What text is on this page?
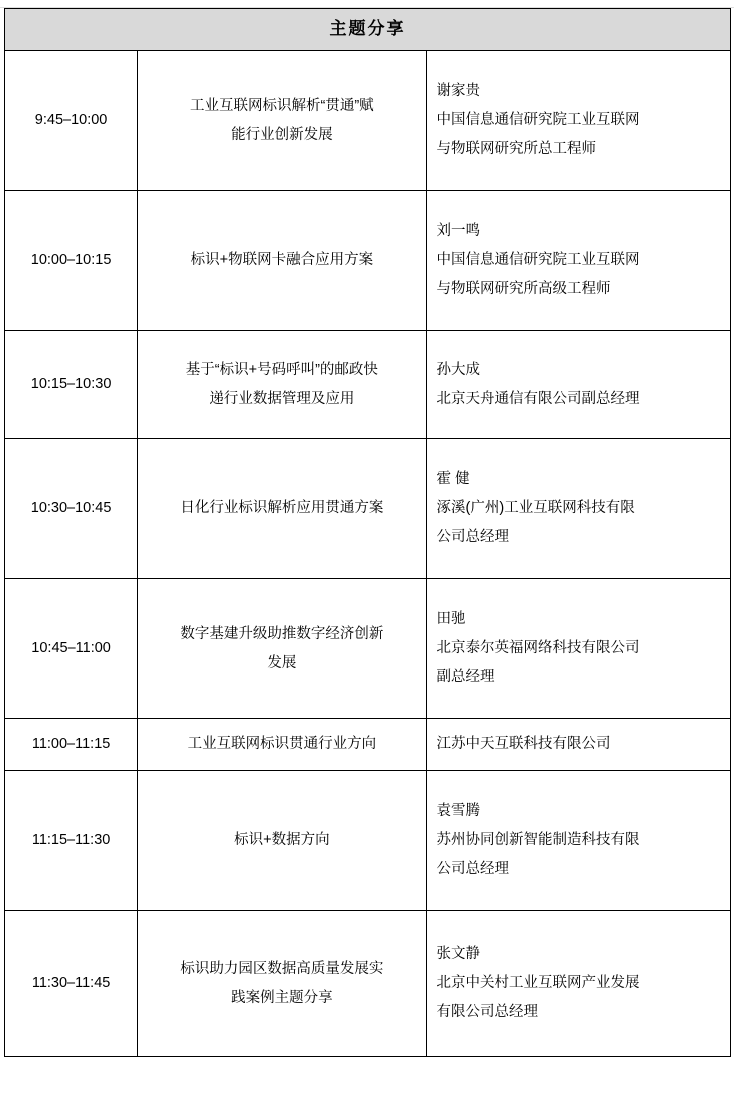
主题分享		
9:45–10:00	工业互联网标识解析“贯通”赋
能行业创新发展	谢家贵
中国信息通信研究院工业互联网
与物联网研究所总工程师

10:00–10:15	标识+物联网卡融合应用方案	刘一鸣
中国信息通信研究院工业互联网
与物联网研究所高级工程师

10:15–10:30	基于“标识+号码呼叫”的邮政快
递行业数据管理及应用	孙大成
北京天舟通信有限公司副总经理

10:30–10:45	日化行业标识解析应用贯通方案	霍 健
涿溪(广州)工业互联网科技有限
公司总经理

10:45–11:00	数字基建升级助推数字经济创新
发展	田驰
北京泰尔英福网络科技有限公司
副总经理

11:00–11:15	工业互联网标识贯通行业方向	江苏中天互联科技有限公司

11:15–11:30	标识+数据方向	袁雪腾
苏州协同创新智能制造科技有限
公司总经理

11:30–11:45	标识助力园区数据高质量发展实
践案例主题分享	张文静
北京中关村工业互联网产业发展
有限公司总经理
